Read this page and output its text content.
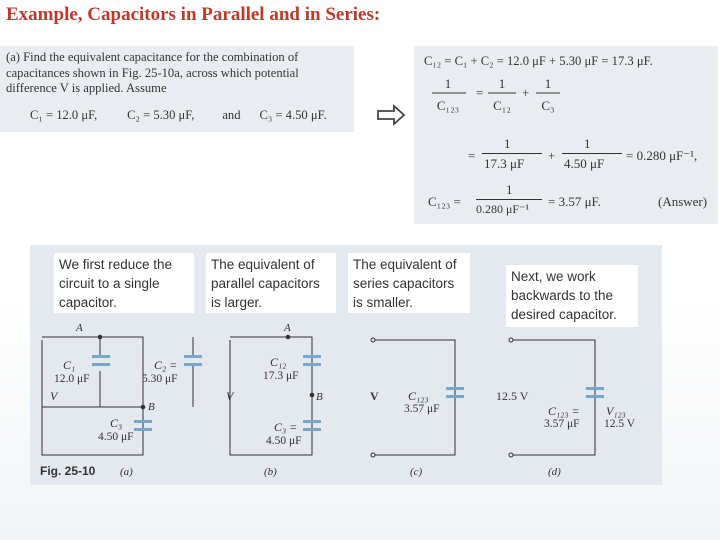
Example, Capacitors in Parallel and in Series:
(a) Find the equivalent capacitance for the combination of
capacitances shown in Fig. 25-10a, across which potential
difference V is applied. Assume
C₁ = 12.0 μF, C₂ = 5.30 μF, and C₃ = 4.50 μF.
C₁₂ = C₁ + C₂ = 12.0 μF + 5.30 μF = 17.3 μF.
1
C₁₂₃
=
1
C₁₂
+
1
C₃
=
1
17.3 μF
+
1
4.50 μF
= 0.280 μF⁻¹,
C₁₂₃ =
1
0.280 μF⁻¹ = 3.57 μF.	(Answer)
We first reduce the circuit to a single capacitor.
The equivalent of parallel capacitors is larger.
The equivalent of series capacitors is smaller.
Next, we work backwards to the desired capacitor.
A
C₁
12.0 μF
C₂ =
5.30 μF
V
B
C₃
4.50 μF
A
C₁₂
17.3 μF
V	B
C₃ =
4.50 μF
V C₁₂₃
3.57 μF
12.5 V
C₁₂₃ =
3.57 μF
V₁₂₃
12.5 V
Fig. 25-10 (a)	(b)	(c)	(d)
